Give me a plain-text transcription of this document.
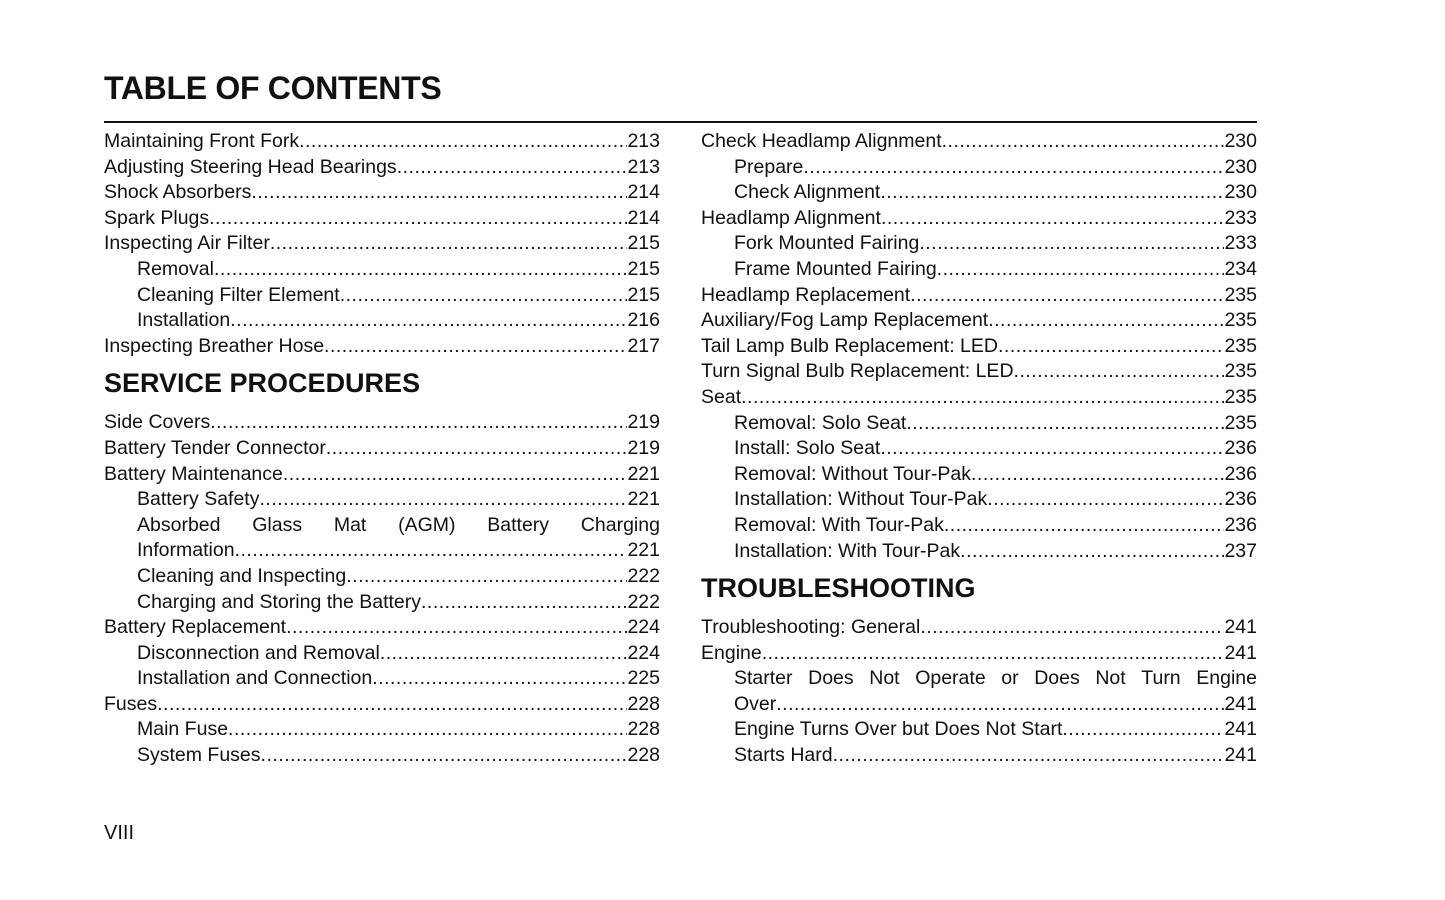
TABLE OF CONTENTS
Maintaining Front Fork .....	213
Adjusting Steering Head Bearings .....	213
Shock Absorbers .....	214
Spark Plugs .....	214
Inspecting Air Filter .....	215
Removal .....	215
Cleaning Filter Element .....	215
Installation .....	216
Inspecting Breather Hose .....	217
SERVICE PROCEDURES
Side Covers .....	219
Battery Tender Connector .....	219
Battery Maintenance .....	221
Battery Safety .....	221
Absorbed Glass Mat (AGM) Battery Charging
Information .....	221
Cleaning and Inspecting .....	222
Charging and Storing the Battery .....	222
Battery Replacement .....	224
Disconnection and Removal .....	224
Installation and Connection .....	225
Fuses .....	228
Main Fuse .....	228
System Fuses .....	228
Check Headlamp Alignment .....	230
Prepare .....	230
Check Alignment .....	230
Headlamp Alignment .....	233
Fork Mounted Fairing .....	233
Frame Mounted Fairing .....	234
Headlamp Replacement .....	235
Auxiliary/Fog Lamp Replacement .....	235
Tail Lamp Bulb Replacement: LED .....	235
Turn Signal Bulb Replacement: LED .....	235
Seat .....	235
Removal: Solo Seat .....	235
Install: Solo Seat .....	236
Removal: Without Tour-Pak .....	236
Installation: Without Tour-Pak .....	236
Removal: With Tour-Pak .....	236
Installation: With Tour-Pak .....	237
TROUBLESHOOTING
Troubleshooting: General .....	241
Engine .....	241
Starter Does Not Operate or Does Not Turn Engine
Over .....	241
Engine Turns Over but Does Not Start .....	241
Starts Hard .....	241
VIII
